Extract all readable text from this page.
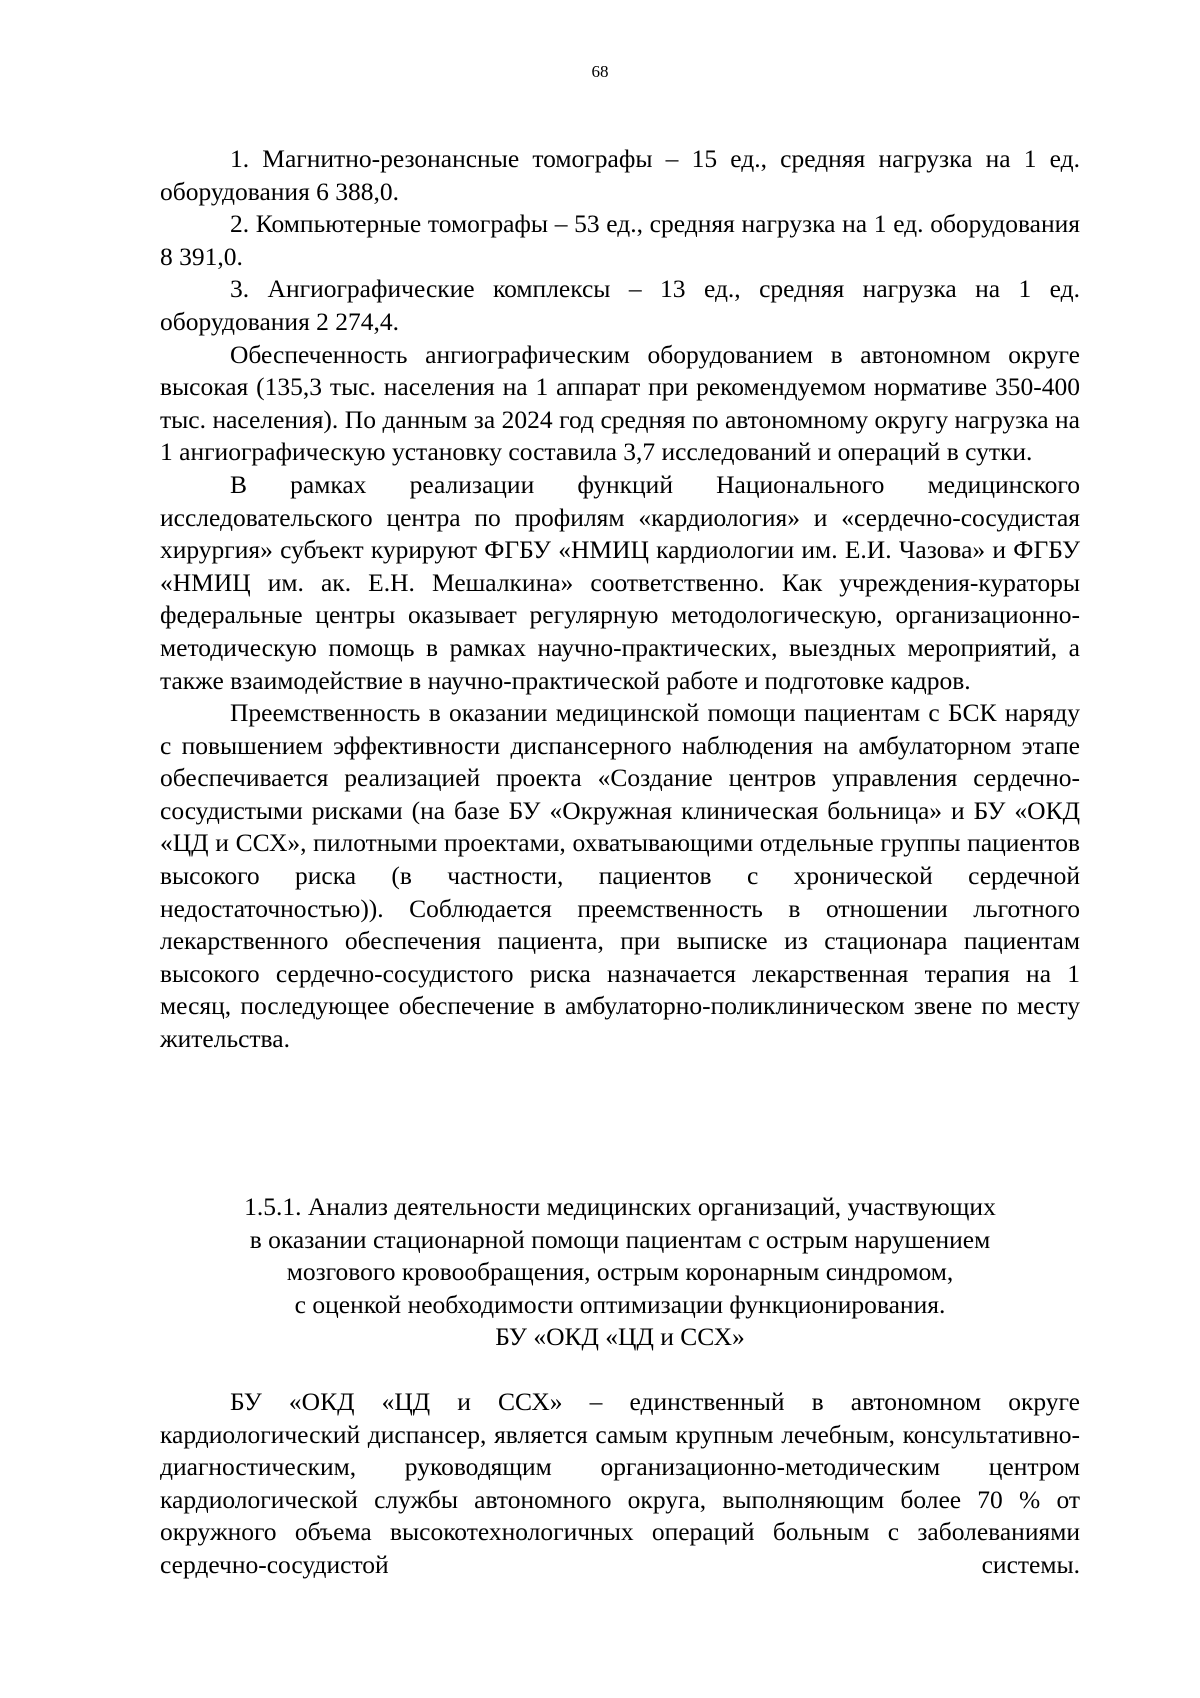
68

1. Магнитно-резонансные томографы – 15 ед., средняя нагрузка на 1 ед. оборудования 6 388,0.

2. Компьютерные томографы – 53 ед., средняя нагрузка на 1 ед. оборудования 8 391,0.

3. Ангиографические комплексы – 13 ед., средняя нагрузка на 1 ед. оборудования 2 274,4.

Обеспеченность ангиографическим оборудованием в автономном округе высокая (135,3 тыс. населения на 1 аппарат при рекомендуемом нормативе 350-400 тыс. населения). По данным за 2024 год средняя по автономному округу нагрузка на 1 ангиографическую установку составила 3,7 исследований и операций в сутки.

В рамках реализации функций Национального медицинского исследовательского центра по профилям «кардиология» и «сердечно-сосудистая хирургия» субъект курируют ФГБУ «НМИЦ кардиологии им. Е.И. Чазова» и ФГБУ «НМИЦ им. ак. Е.Н. Мешалкина» соответственно. Как учреждения-кураторы федеральные центры оказывает регулярную методологическую, организационно-методическую помощь в рамках научно-практических, выездных мероприятий, а также взаимодействие в научно-практической работе и подготовке кадров.

Преемственность в оказании медицинской помощи пациентам с БСК наряду с повышением эффективности диспансерного наблюдения на амбулаторном этапе обеспечивается реализацией проекта «Создание центров управления сердечно-сосудистыми рисками (на базе БУ «Окружная клиническая больница» и БУ «ОКД «ЦД и ССХ», пилотными проектами, охватывающими отдельные группы пациентов высокого риска (в частности, пациентов с хронической сердечной недостаточностью)). Соблюдается преемственность в отношении льготного лекарственного обеспечения пациента, при выписке из стационара пациентам высокого сердечно-сосудистого риска назначается лекарственная терапия на 1 месяц, последующее обеспечение в амбулаторно-поликлиническом звене по месту жительства.

1.5.1. Анализ деятельности медицинских организаций, участвующих
в оказании стационарной помощи пациентам с острым нарушением
мозгового кровообращения, острым коронарным синдромом,
с оценкой необходимости оптимизации функционирования.
БУ «ОКД «ЦД и ССХ»

БУ «ОКД «ЦД и ССХ» – единственный в автономном округе кардиологический диспансер, является самым крупным лечебным, консультативно-диагностическим, руководящим организационно-методическим центром кардиологической службы автономного округа, выполняющим более 70 % от окружного объема высокотехнологичных операций больным с заболеваниями сердечно-сосудистой системы.
